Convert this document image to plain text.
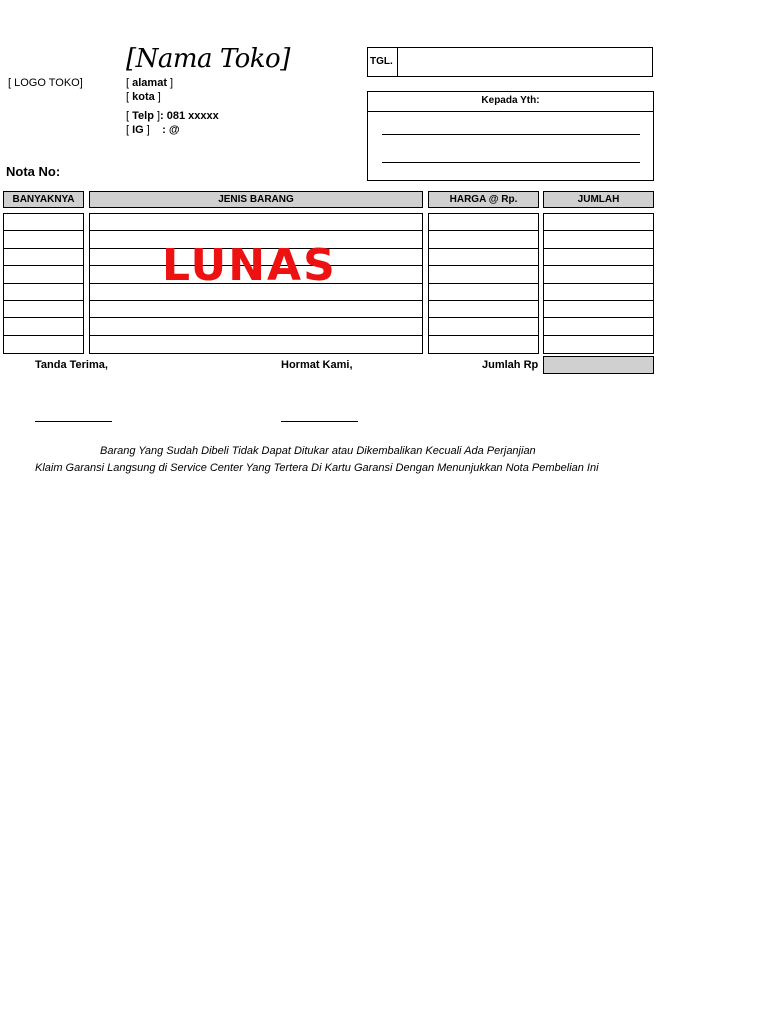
[ LOGO TOKO]
[Nama Toko]
[ alamat ]
[ kota ]
[ Telp ]: 081 xxxxx
[ IG ]    : @
Nota No:
TGL.
Kepada Yth:
BANYAKNYA	JENIS BARANG	HARGA @ Rp.	JUMLAH
LUNAS
Tanda Terima,	Hormat Kami,	Jumlah Rp
Barang Yang Sudah Dibeli Tidak Dapat Ditukar atau Dikembalikan Kecuali Ada Perjanjian
Klaim Garansi Langsung di Service Center Yang Tertera Di Kartu Garansi Dengan Menunjukkan Nota Pembelian Ini
